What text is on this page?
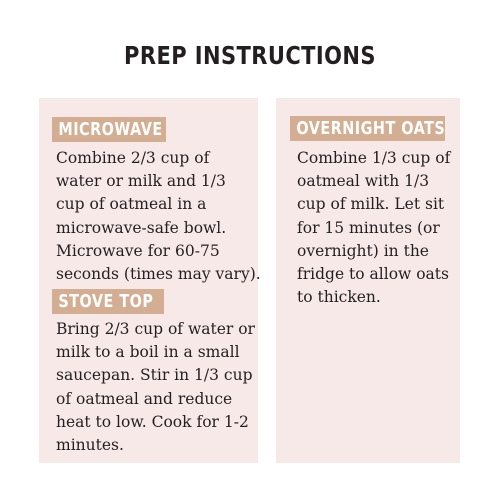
PREP INSTRUCTIONS
MICROWAVE
Combine 2/3 cup of
water or milk and 1/3
cup of oatmeal in a
microwave-safe bowl.
Microwave for 60-75
seconds (times may vary).
STOVE TOP
Bring 2/3 cup of water or
milk to a boil in a small
saucepan. Stir in 1/3 cup
of oatmeal and reduce
heat to low. Cook for 1-2
minutes.
OVERNIGHT OATS
Combine 1/3 cup of
oatmeal with 1/3
cup of milk. Let sit
for 15 minutes (or
overnight) in the
fridge to allow oats
to thicken.
